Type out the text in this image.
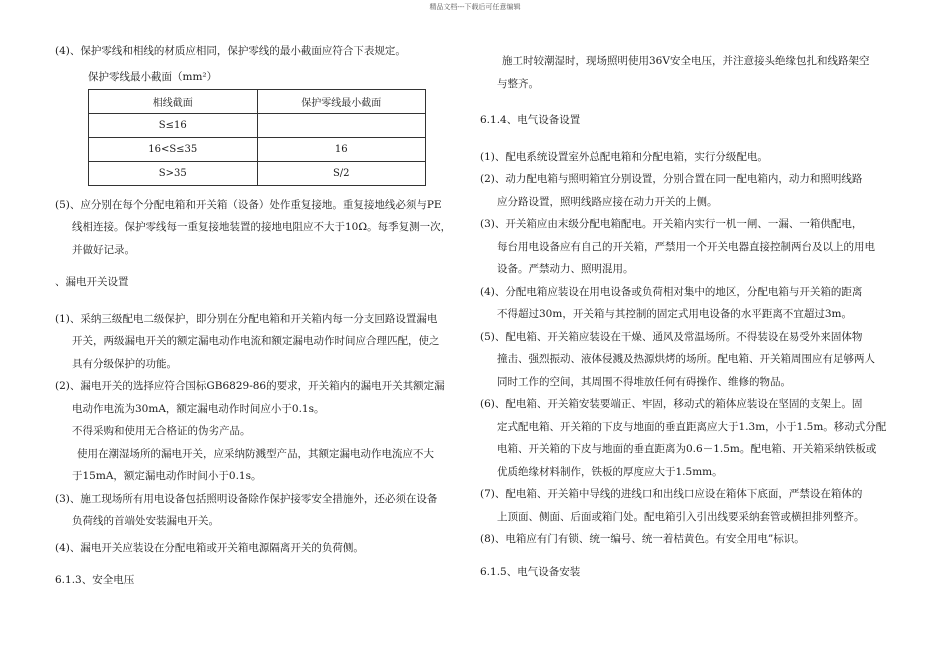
精品文档---下载后可任意编辑

(4)、保护零线和相线的材质应相同，保护零线的最小截面应符合下表规定。

保护零线最小截面（mm²）

相线截面	保护零线最小截面
S≤16	
16<S≤35	16
S>35	S/2

(5)、应分别在每个分配电箱和开关箱（设备）处作重复接地。重复接地线必须与PE

线相连接。保护零线每一重复接地装置的接地电阻应不大于10Ω。每季复测一次，

并做好记录。

、漏电开关设置

(1)、采纳三级配电二级保护，即分别在分配电箱和开关箱内每一分支回路设置漏电

开关，两级漏电开关的额定漏电动作电流和额定漏电动作时间应合理匹配，使之

具有分级保护的功能。

(2)、漏电开关的选择应符合国标GB6829-86的要求，开关箱内的漏电开关其额定漏

电动作电流为30mA，额定漏电动作时间应小于0.1s。

不得采购和使用无合格证的伪劣产品。

使用在潮湿场所的漏电开关，应采纳防溅型产品，其额定漏电动作电流应不大

于15mA，额定漏电动作时间小于0.1s。

(3)、施工现场所有用电设备包括照明设备除作保护接零安全措施外，还必须在设备

负荷线的首端处安装漏电开关。

(4)、漏电开关应装设在分配电箱或开关箱电源隔离开关的负荷侧。

6.1.3、安全电压

施工时较潮湿时，现场照明使用36V安全电压，并注意接头绝缘包扎和线路架空

与整齐。

6.1.4、电气设备设置

(1)、配电系统设置室外总配电箱和分配电箱，实行分级配电。

(2)、动力配电箱与照明箱宜分别设置，分别合置在同一配电箱内，动力和照明线路

应分路设置，照明线路应接在动力开关的上侧。

(3)、开关箱应由末级分配电箱配电。开关箱内实行一机一闸、一漏、一箱供配电，

每台用电设备应有自己的开关箱，严禁用一个开关电器直接控制两台及以上的用电

设备。严禁动力、照明混用。

(4)、分配电箱应装设在用电设备或负荷相对集中的地区，分配电箱与开关箱的距离

不得超过30m，开关箱与其控制的固定式用电设备的水平距离不宜超过3m。

(5)、配电箱、开关箱应装设在干燥、通风及常温场所。不得装设在易受外来固体物

撞击、强烈振动、液体侵溅及热源烘烤的场所。配电箱、开关箱周围应有足够两人

同时工作的空间，其周围不得堆放任何有碍操作、维修的物品。

(6)、配电箱、开关箱安装要端正、牢固，移动式的箱体应装设在坚固的支架上。固

定式配电箱、开关箱的下皮与地面的垂直距离应大于1.3m，小于1.5m。移动式分配

电箱、开关箱的下皮与地面的垂直距离为0.6－1.5m。配电箱、开关箱采纳铁板或

优质绝缘材料制作，铁板的厚度应大于1.5mm。

(7)、配电箱、开关箱中导线的进线口和出线口应设在箱体下底面，严禁设在箱体的

上顶面、侧面、后面或箱门处。配电箱引入引出线要采纳套管或横担排列整齐。

(8)、电箱应有门有锁、统一编号、统一着桔黄色。有安全用电”标识。

6.1.5、电气设备安装
